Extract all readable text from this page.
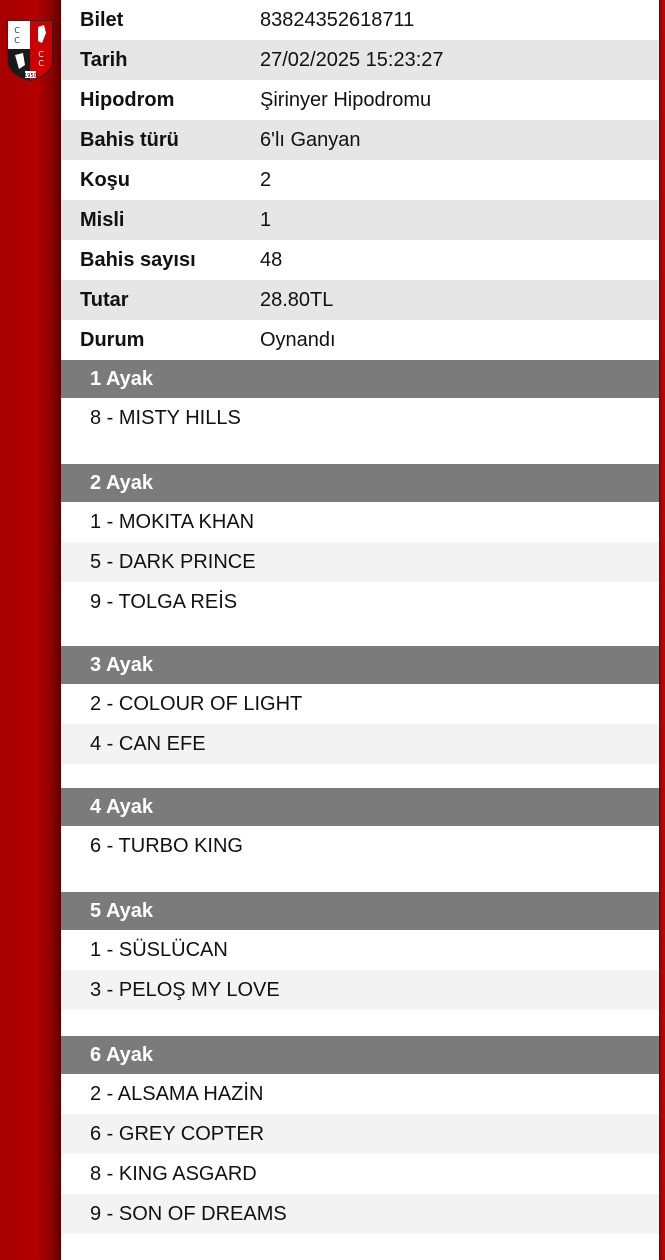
C
C
C
C
1950
Bilet	83824352618711
Tarih	27/02/2025 15:23:27
Hipodrom	Şirinyer Hipodromu
Bahis türü	6'lı Ganyan
Koşu	2
Misli	1
Bahis sayısı	48
Tutar	28.80TL
Durum	Oynandı
1 Ayak
8 - MISTY HILLS
2 Ayak
1 - MOKITA KHAN
5 - DARK PRINCE
9 - TOLGA REİS
3 Ayak
2 - COLOUR OF LIGHT
4 - CAN EFE
4 Ayak
6 - TURBO KING
5 Ayak
1 - SÜSLÜCAN
3 - PELOŞ MY LOVE
6 Ayak
2 - ALSAMA HAZİN
6 - GREY COPTER
8 - KING ASGARD
9 - SON OF DREAMS
